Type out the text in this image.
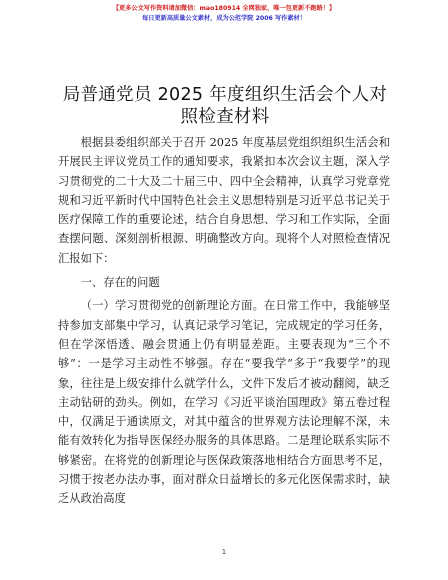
【更多公文写作资料请加微信：mao180914 全网独家，唯一包更新不跑路！】
每日更新高质量公文素材，成为公范学院 2006 写作素材！
局普通党员 2025 年度组织生活会个人对照检查材料

根据县委组织部关于召开 2025 年度基层党组织组织生活会和开展民主评议党员工作的通知要求，我紧扣本次会议主题，深入学习贯彻党的二十大及二十届三中、四中全会精神，认真学习党章党规和习近平新时代中国特色社会主义思想特别是习近平总书记关于医疗保障工作的重要论述，结合自身思想、学习和工作实际，全面查摆问题、深刻剖析根源、明确整改方向。现将个人对照检查情况汇报如下：

一、存在的问题

（一）学习贯彻党的创新理论方面。在日常工作中，我能够坚持参加支部集中学习，认真记录学习笔记，完成规定的学习任务，但在学深悟透、融会贯通上仍有明显差距。主要表现为“三个不够”：一是学习主动性不够强。存在“要我学”多于“我要学”的现象，往往是上级安排什么就学什么，文件下发后才被动翻阅，缺乏主动钻研的劲头。例如，在学习《习近平谈治国理政》第五卷过程中，仅满足于通读原文，对其中蕴含的世界观方法论理解不深，未能有效转化为指导医保经办服务的具体思路。二是理论联系实际不够紧密。在将党的创新理论与医保政策落地相结合方面思考不足，习惯于按老办法办事，面对群众日益增长的多元化医保需求时，缺乏从政治高度

1
